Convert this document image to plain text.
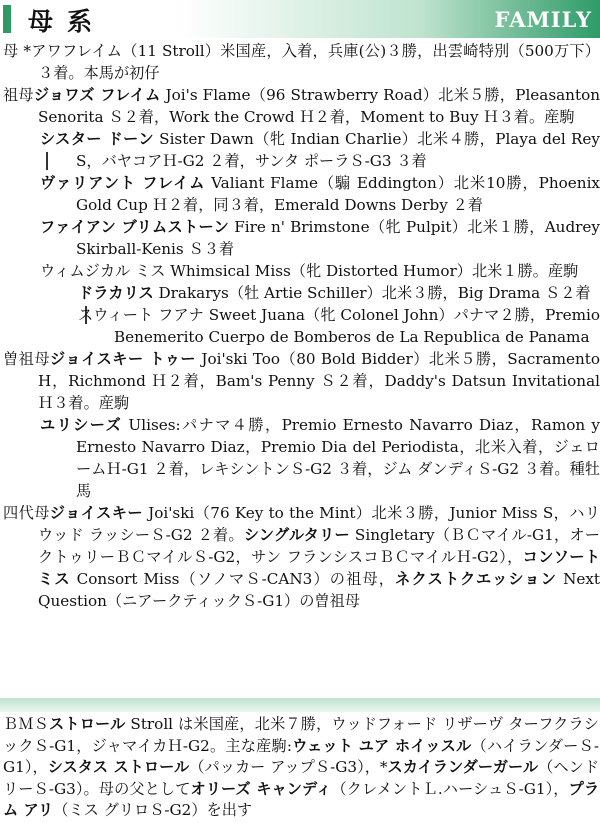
母系	FAMILY
母 *アワフレイム（11 Stroll）米国産，入着，兵庫(公)３勝，出雲崎特別（500万下）３着。本馬が初仔
祖母ジョワズ フレイム Joi's Flame（96 Strawberry Road）北米５勝，Pleasanton Senorita Ｓ２着，Work the Crowd Ｈ２着，Moment to Buy Ｈ３着。産駒
シスター ドーン Sister Dawn（牝 Indian Charlie）北米４勝，Playa del Rey S，バヤコアＨ-G2 ２着，サンタ ポーラＳ-G3 ３着
ヴァリアント フレイム Valiant Flame（騸 Eddington）北米10勝，Phoenix Gold Cup Ｈ２着，同３着，Emerald Downs Derby ２着
ファイアン ブリムストーン Fire n' Brimstone（牝 Pulpit）北米１勝，Audrey Skirball-Kenis Ｓ３着
ウィムジカル ミス Whimsical Miss（牝 Distorted Humor）北米１勝。産駒
ドラカリス Drakarys（牡 Artie Schiller）北米３勝，Big Drama Ｓ２着
スウィート フアナ Sweet Juana（牝 Colonel John）パナマ２勝，Premio Benemerito Cuerpo de Bomberos de La Republica de Panama
曽祖母ジョイスキー トゥー Joi'ski Too（80 Bold Bidder）北米５勝，Sacramento H，Richmond Ｈ２着，Bam's Penny Ｓ２着，Daddy's Datsun Invitational Ｈ３着。産駒
ユリシーズ Ulises:パナマ４勝，Premio Ernesto Navarro Diaz，Ramon y Ernesto Navarro Diaz，Premio Dia del Periodista，北米入着，ジェロームＨ-G1 ２着，レキシントンＳ-G2 ３着，ジム ダンディＳ-G2 ３着。種牡馬
四代母ジョイスキー Joi'ski（76 Key to the Mint）北米３勝，Junior Miss S，ハリウッド ラッシーＳ-G2 ２着。シングルタリー Singletary（ＢＣマイル-G1，オークトゥリーＢＣマイルＳ-G2，サン フランシスコＢＣマイルＨ-G2），コンソート ミス Consort Miss（ソノマＳ-CAN3）の祖母，ネクストクエッション Next Question（ニアークティックＳ-G1）の曽祖母
ＢＭＳストロール Stroll は米国産，北米７勝，ウッドフォード リザーヴ ターフクラシックＳ-G1，ジャマイカＨ-G2。主な産駒:ウェット ユア ホイッスル（ハイランダーＳ-G1），シスタス ストロール（パッカー アップＳ-G3），*スカイランダーガール（ヘンドリーＳ-G3）。母の父としてオリーズ キャンディ（クレメントＬ.ハーシュＳ-G1），プラム アリ（ミス グリロＳ-G2）を出す
